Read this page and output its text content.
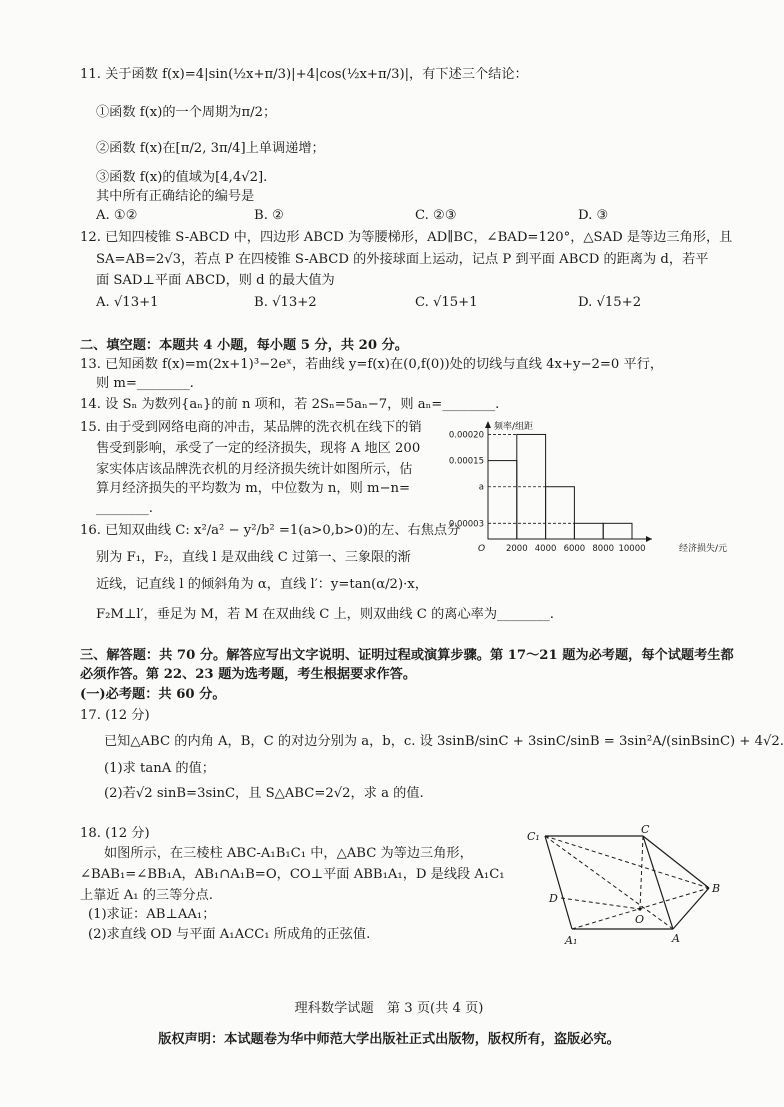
11. 关于函数 f(x)=4|sin(½x+π/3)|+4|cos(½x+π/3)|，有下述三个结论：
①函数 f(x)的一个周期为π/2；
②函数 f(x)在[π/2, 3π/4]上单调递增；
③函数 f(x)的值域为[4,4√2].
其中所有正确结论的编号是
A. ①②	B. ②	C. ②③	D. ③
12. 已知四棱锥 S-ABCD 中，四边形 ABCD 为等腰梯形，AD∥BC，∠BAD=120°，△SAD 是等边三角形，且
SA=AB=2√3，若点 P 在四棱锥 S-ABCD 的外接球面上运动，记点 P 到平面 ABCD 的距离为 d，若平
面 SAD⊥平面 ABCD，则 d 的最大值为
A. √13+1	B. √13+2	C. √15+1	D. √15+2
二、填空题：本题共 4 小题，每小题 5 分，共 20 分。
13. 已知函数 f(x)=m(2x+1)³−2eˣ，若曲线 y=f(x)在(0,f(0))处的切线与直线 4x+y−2=0 平行，
则 m=________.
14. 设 Sₙ 为数列{aₙ}的前 n 项和，若 2Sₙ=5aₙ−7，则 aₙ=________.
15. 由于受到网络电商的冲击，某品牌的洗衣机在线下的销
售受到影响，承受了一定的经济损失，现将 A 地区 200
家实体店该品牌洗衣机的月经济损失统计如图所示，估
算月经济损失的平均数为 m，中位数为 n，则 m−n=
________.
0.00003
a
0.00015
0.00020
2000 4000 6000 8000 10000
O
频率/组距
经济损失/元
16. 已知双曲线 C: x²/a² − y²/b² =1(a>0,b>0)的左、右焦点分
别为 F₁，F₂，直线 l 是双曲线 C 过第一、三象限的渐
近线，记直线 l 的倾斜角为 α，直线 l′：y=tan(α/2)·x，
F₂M⊥l′，垂足为 M，若 M 在双曲线 C 上，则双曲线 C 的离心率为________.
三、解答题：共 70 分。解答应写出文字说明、证明过程或演算步骤。第 17～21 题为必考题，每个试题考生都
必须作答。第 22、23 题为选考题，考生根据要求作答。
(一)必考题：共 60 分。
17. (12 分)
已知△ABC 的内角 A，B，C 的对边分别为 a，b，c. 设 3sinB/sinC + 3sinC/sinB = 3sin²A/(sinBsinC) + 4√2.
(1)求 tanA 的值；
(2)若√2 sinB=3sinC，且 S△ABC=2√2，求 a 的值.
18. (12 分)
如图所示，在三棱柱 ABC-A₁B₁C₁ 中，△ABC 为等边三角形，
∠BAB₁=∠BB₁A，AB₁∩A₁B=O，CO⊥平面 ABB₁A₁，D 是线段 A₁C₁
上靠近 A₁ 的三等分点.
(1)求证：AB⊥AA₁；
(2)求直线 OD 与平面 A₁ACC₁ 所成角的正弦值.
C₁
C
B
D
O
A₁	A
理科数学试题　第 3 页(共 4 页)
版权声明：本试题卷为华中师范大学出版社正式出版物，版权所有，盗版必究。
